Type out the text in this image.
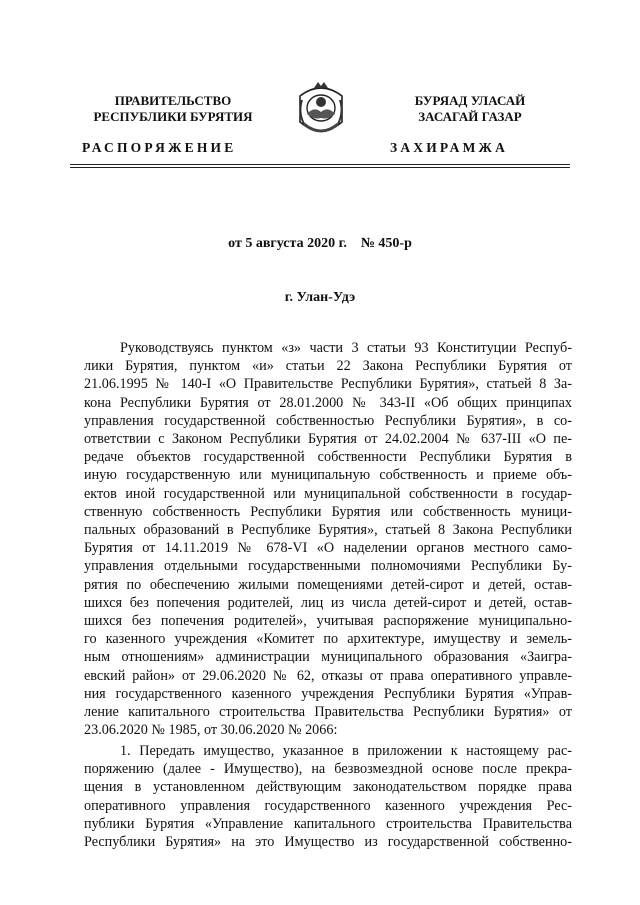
ПРАВИТЕЛЬСТВО
РЕСПУБЛИКИ БУРЯТИЯ
БУРЯАД УЛАСАЙ
ЗАСАГАЙ ГАЗАР
РАСПОРЯЖЕНИЕ	ЗАХИРАМЖА
от 5 августа 2020 г.    № 450-р
г. Улан-Удэ
Руководствуясь пунктом «з» части 3 статьи 93 Конституции Респуб-
лики Бурятия, пунктом «и» статьи 22 Закона Республики Бурятия от
21.06.1995 № 140-I «О Правительстве Республики Бурятия», статьей 8 За-
кона Республики Бурятия от 28.01.2000 № 343-II «Об общих принципах
управления государственной собственностью Республики Бурятия», в со-
ответствии с Законом Республики Бурятия от 24.02.2004 № 637-III «О пе-
редаче объектов государственной собственности Республики Бурятия в
иную государственную или муниципальную собственность и приеме объ-
ектов иной государственной или муниципальной собственности в государ-
ственную собственность Республики Бурятия или собственность муници-
пальных образований в Республике Бурятия», статьей 8 Закона Республики
Бурятия от 14.11.2019 № 678-VI «О наделении органов местного само-
управления отдельными государственными полномочиями Республики Бу-
рятия по обеспечению жилыми помещениями детей-сирот и детей, остав-
шихся без попечения родителей, лиц из числа детей-сирот и детей, остав-
шихся без попечения родителей», учитывая распоряжение муниципально-
го казенного учреждения «Комитет по архитектуре, имуществу и земель-
ным отношениям» администрации муниципального образования «Заигра-
евский район» от 29.06.2020 № 62, отказы от права оперативного управле-
ния государственного казенного учреждения Республики Бурятия «Управ-
ление капитального строительства Правительства Республики Бурятия» от
23.06.2020 № 1985, от 30.06.2020 № 2066:
1. Передать имущество, указанное в приложении к настоящему рас-
поряжению (далее - Имущество), на безвозмездной основе после прекра-
щения в установленном действующим законодательством порядке права
оперативного управления государственного казенного учреждения Рес-
публики Бурятия «Управление капитального строительства Правительства
Республики Бурятия» на это Имущество из государственной собственно-
